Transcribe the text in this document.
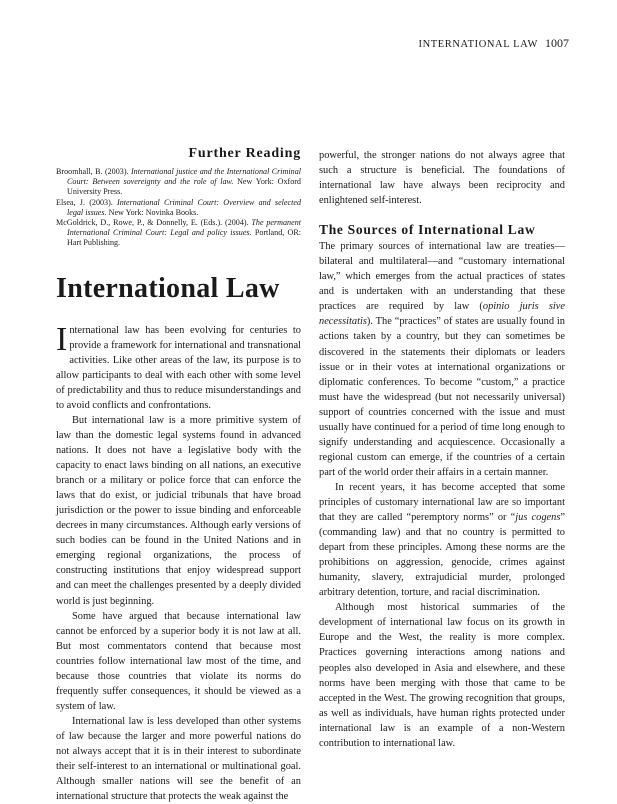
INTERNATIONAL LAW 1007
Further Reading

Broomhall, B. (2003). International justice and the International Criminal Court: Between sovereignty and the role of law. New York: Oxford University Press.

Elsea, J. (2003). International Criminal Court: Overview and selected legal issues. New York: Novinka Books.

McGoldrick, D., Rowe, P., & Donnelly, E. (Eds.). (2004). The permanent International Criminal Court: Legal and policy issues. Portland, OR: Hart Publishing.

International Law

International law has been evolving for centuries to provide a framework for international and transnational activities. Like other areas of the law, its purpose is to allow participants to deal with each other with some level of predictability and thus to reduce misunderstandings and to avoid conflicts and confrontations.

But international law is a more primitive system of law than the domestic legal systems found in advanced nations. It does not have a legislative body with the capacity to enact laws binding on all nations, an executive branch or a military or police force that can enforce the laws that do exist, or judicial tribunals that have broad jurisdiction or the power to issue binding and enforceable decrees in many circumstances. Although early versions of such bodies can be found in the United Nations and in emerging regional organizations, the process of constructing institutions that enjoy widespread support and can meet the challenges presented by a deeply divided world is just beginning.

Some have argued that because international law cannot be enforced by a superior body it is not law at all. But most commentators contend that because most countries follow international law most of the time, and because those countries that violate its norms do frequently suffer consequences, it should be viewed as a system of law.

International law is less developed than other systems of law because the larger and more powerful nations do not always accept that it is in their interest to subordinate their self-interest to an international or multinational goal. Although smaller nations will see the benefit of an international structure that protects the weak against the

powerful, the stronger nations do not always agree that such a structure is beneficial. The foundations of international law have always been reciprocity and enlightened self-interest.

The Sources of International Law

The primary sources of international law are treaties—bilateral and multilateral—and “customary international law,” which emerges from the actual practices of states and is undertaken with an understanding that these practices are required by law (opinio juris sive necessitatis). The “practices” of states are usually found in actions taken by a country, but they can sometimes be discovered in the statements their diplomats or leaders issue or in their votes at international organizations or diplomatic conferences. To become “custom,” a practice must have the widespread (but not necessarily universal) support of countries concerned with the issue and must usually have continued for a period of time long enough to signify understanding and acquiescence. Occasionally a regional custom can emerge, if the countries of a certain part of the world order their affairs in a certain manner.

In recent years, it has become accepted that some principles of customary international law are so important that they are called “peremptory norms” or “jus cogens” (commanding law) and that no country is permitted to depart from these principles. Among these norms are the prohibitions on aggression, genocide, crimes against humanity, slavery, extrajudicial murder, prolonged arbitrary detention, torture, and racial discrimination.

Although most historical summaries of the development of international law focus on its growth in Europe and the West, the reality is more complex. Practices governing interactions among nations and peoples also developed in Asia and elsewhere, and these norms have been merging with those that came to be accepted in the West. The growing recognition that groups, as well as individuals, have human rights protected under international law is an example of a non-Western contribution to international law.
